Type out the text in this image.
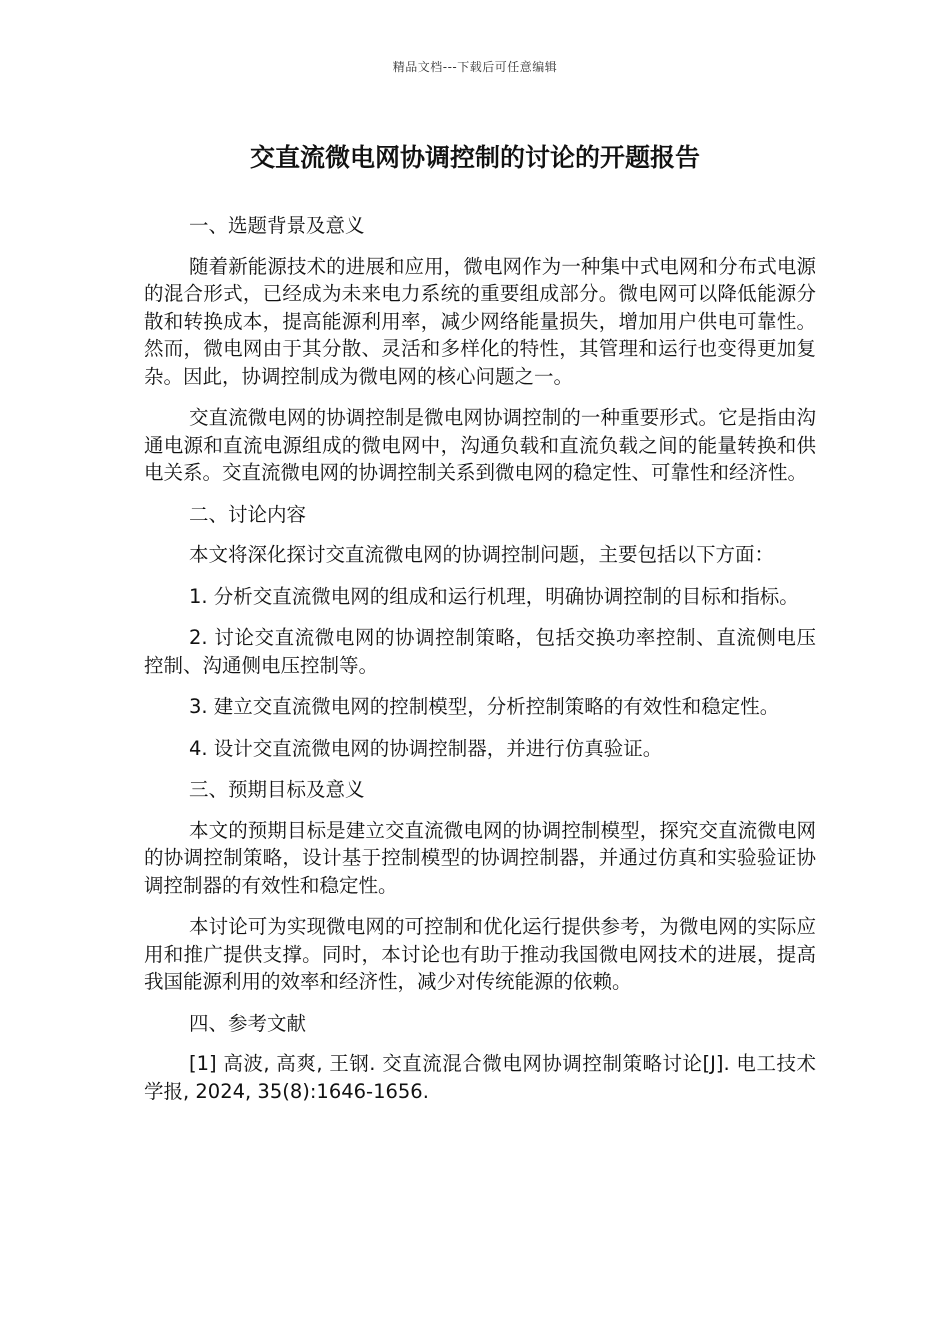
精品文档---下载后可任意编辑
交直流微电网协调控制的讨论的开题报告

一、选题背景及意义

随着新能源技术的进展和应用，微电网作为一种集中式电网和分布式电源的混合形式，已经成为未来电力系统的重要组成部分。微电网可以降低能源分散和转换成本，提高能源利用率，减少网络能量损失，增加用户供电可靠性。然而，微电网由于其分散、灵活和多样化的特性，其管理和运行也变得更加复杂。因此，协调控制成为微电网的核心问题之一。

交直流微电网的协调控制是微电网协调控制的一种重要形式。它是指由沟通电源和直流电源组成的微电网中，沟通负载和直流负载之间的能量转换和供电关系。交直流微电网的协调控制关系到微电网的稳定性、可靠性和经济性。

二、讨论内容

本文将深化探讨交直流微电网的协调控制问题，主要包括以下方面：

1. 分析交直流微电网的组成和运行机理，明确协调控制的目标和指标。

2. 讨论交直流微电网的协调控制策略，包括交换功率控制、直流侧电压控制、沟通侧电压控制等。

3. 建立交直流微电网的控制模型，分析控制策略的有效性和稳定性。

4. 设计交直流微电网的协调控制器，并进行仿真验证。

三、预期目标及意义

本文的预期目标是建立交直流微电网的协调控制模型，探究交直流微电网的协调控制策略，设计基于控制模型的协调控制器，并通过仿真和实验验证协调控制器的有效性和稳定性。

本讨论可为实现微电网的可控制和优化运行提供参考，为微电网的实际应用和推广提供支撑。同时，本讨论也有助于推动我国微电网技术的进展，提高我国能源利用的效率和经济性，减少对传统能源的依赖。

四、参考文献

[1] 高波, 高爽, 王钢. 交直流混合微电网协调控制策略讨论[J]. 电工技术学报, 2024, 35(8):1646-1656.
